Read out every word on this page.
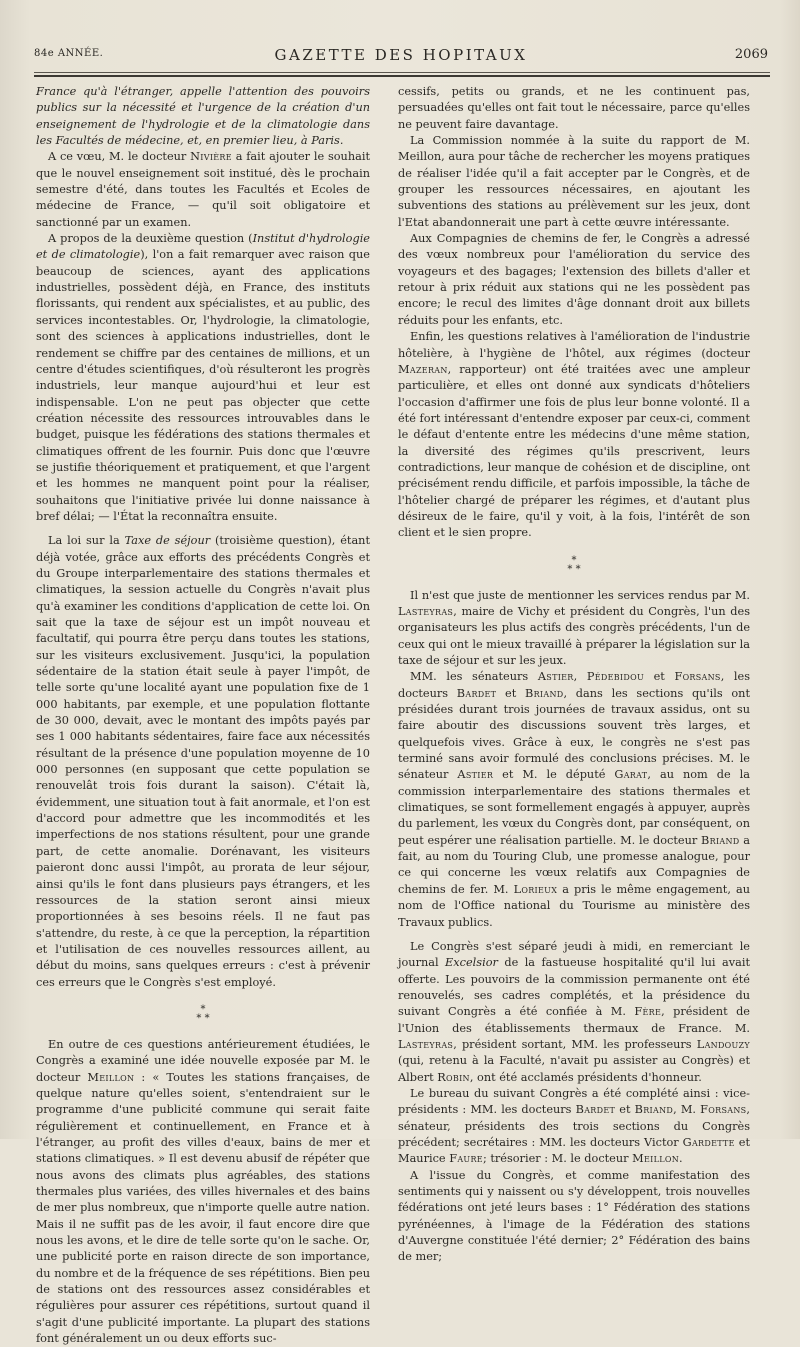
84e ANNÉE.	GAZETTE DES HOPITAUX	2069

France qu'à l'étranger, appelle l'attention des pouvoirs publics sur la nécessité et l'urgence de la création d'un enseignement de l'hydrologie et de la climatologie dans les Facultés de médecine, et, en premier lieu, à Paris.

A ce vœu, M. le docteur Nivière a fait ajouter le souhait que le nouvel enseignement soit institué, dès le prochain semestre d'été, dans toutes les Facultés et Ecoles de médecine de France, — qu'il soit obligatoire et sanctionné par un examen.

A propos de la deuxième question (Institut d'hydrologie et de climatologie), l'on a fait remarquer avec raison que beaucoup de sciences, ayant des applications industrielles, possèdent déjà, en France, des instituts florissants, qui rendent aux spécialistes, et au public, des services incontestables. Or, l'hydrologie, la climatologie, sont des sciences à applications industrielles, dont le rendement se chiffre par des centaines de millions, et un centre d'études scientifiques, d'où résulteront les progrès industriels, leur manque aujourd'hui et leur est indispensable. L'on ne peut pas objecter que cette création nécessite des ressources introuvables dans le budget, puisque les fédérations des stations thermales et climatiques offrent de les fournir. Puis donc que l'œuvre se justifie théoriquement et pratiquement, et que l'argent et les hommes ne manquent point pour la réaliser, souhaitons que l'initiative privée lui donne naissance à bref délai; — l'État la reconnaîtra ensuite.

La loi sur la Taxe de séjour (troisième question), étant déjà votée, grâce aux efforts des précédents Congrès et du Groupe interparlementaire des stations thermales et climatiques, la session actuelle du Congrès n'avait plus qu'à examiner les conditions d'application de cette loi. On sait que la taxe de séjour est un impôt nouveau et facultatif, qui pourra être perçu dans toutes les stations, sur les visiteurs exclusivement. Jusqu'ici, la population sédentaire de la station était seule à payer l'impôt, de telle sorte qu'une localité ayant une population fixe de 1 000 habitants, par exemple, et une population flottante de 30 000, devait, avec le montant des impôts payés par ses 1 000 habitants sédentaires, faire face aux nécessités résultant de la présence d'une population moyenne de 10 000 personnes (en supposant que cette population se renouvelât trois fois durant la saison). C'était là, évidemment, une situation tout à fait anormale, et l'on est d'accord pour admettre que les incommodités et les imperfections de nos stations résultent, pour une grande part, de cette anomalie. Dorénavant, les visiteurs paieront donc aussi l'impôt, au prorata de leur séjour, ainsi qu'ils le font dans plusieurs pays étrangers, et les ressources de la station seront ainsi mieux proportionnées à ses besoins réels. Il ne faut pas s'attendre, du reste, à ce que la perception, la répartition et l'utilisation de ces nouvelles ressources aillent, au début du moins, sans quelques erreurs : c'est à prévenir ces erreurs que le Congrès s'est employé.

*
* *

En outre de ces questions antérieurement étudiées, le Congrès a examiné une idée nouvelle exposée par M. le docteur Meillon : « Toutes les stations françaises, de quelque nature qu'elles soient, s'entendraient sur le programme d'une publicité commune qui serait faite régulièrement et continuellement, en France et à l'étranger, au profit des villes d'eaux, bains de mer et stations climatiques. » Il est devenu abusif de répéter que nous avons des climats plus agréables, des stations thermales plus variées, des villes hivernales et des bains de mer plus nombreux, que n'importe quelle autre nation. Mais il ne suffit pas de les avoir, il faut encore dire que nous les avons, et le dire de telle sorte qu'on le sache. Or, une publicité porte en raison directe de son importance, du nombre et de la fréquence de ses répétitions. Bien peu de stations ont des ressources assez considérables et régulières pour assurer ces répétitions, surtout quand il s'agit d'une publicité importante. La plupart des stations font généralement un ou deux efforts suc-

cessifs, petits ou grands, et ne les continuent pas, persuadées qu'elles ont fait tout le nécessaire, parce qu'elles ne peuvent faire davantage.

La Commission nommée à la suite du rapport de M. Meillon, aura pour tâche de rechercher les moyens pratiques de réaliser l'idée qu'il a fait accepter par le Congrès, et de grouper les ressources nécessaires, en ajoutant les subventions des stations au prélèvement sur les jeux, dont l'Etat abandonnerait une part à cette œuvre intéressante.

Aux Compagnies de chemins de fer, le Congrès a adressé des vœux nombreux pour l'amélioration du service des voyageurs et des bagages; l'extension des billets d'aller et retour à prix réduit aux stations qui ne les possèdent pas encore; le recul des limites d'âge donnant droit aux billets réduits pour les enfants, etc.

Enfin, les questions relatives à l'amélioration de l'industrie hôtelière, à l'hygiène de l'hôtel, aux régimes (docteur Mazeran, rapporteur) ont été traitées avec une ampleur particulière, et elles ont donné aux syndicats d'hôteliers l'occasion d'affirmer une fois de plus leur bonne volonté. Il a été fort intéressant d'entendre exposer par ceux-ci, comment le défaut d'entente entre les médecins d'une même station, la diversité des régimes qu'ils prescrivent, leurs contradictions, leur manque de cohésion et de discipline, ont précisément rendu difficile, et parfois impossible, la tâche de l'hôtelier chargé de préparer les régimes, et d'autant plus désireux de le faire, qu'il y voit, à la fois, l'intérêt de son client et le sien propre.

*
* *

Il n'est que juste de mentionner les services rendus par M. Lasteyras, maire de Vichy et président du Congrès, l'un des organisateurs les plus actifs des congrès précédents, l'un de ceux qui ont le mieux travaillé à préparer la législation sur la taxe de séjour et sur les jeux.

MM. les sénateurs Astier, Pédebidou et Forsans, les docteurs Bardet et Briand, dans les sections qu'ils ont présidées durant trois journées de travaux assidus, ont su faire aboutir des discussions souvent très larges, et quelquefois vives. Grâce à eux, le congrès ne s'est pas terminé sans avoir formulé des conclusions précises. M. le sénateur Astier et M. le député Garat, au nom de la commission interparlementaire des stations thermales et climatiques, se sont formellement engagés à appuyer, auprès du parlement, les vœux du Congrès dont, par conséquent, on peut espérer une réalisation partielle. M. le docteur Briand a fait, au nom du Touring Club, une promesse analogue, pour ce qui concerne les vœux relatifs aux Compagnies de chemins de fer. M. Lorieux a pris le même engagement, au nom de l'Office national du Tourisme au ministère des Travaux publics.

Le Congrès s'est séparé jeudi à midi, en remerciant le journal Excelsior de la fastueuse hospitalité qu'il lui avait offerte. Les pouvoirs de la commission permanente ont été renouvelés, ses cadres complétés, et la présidence du suivant Congrès a été confiée à M. Fère, président de l'Union des établissements thermaux de France. M. Lasteyras, président sortant, MM. les professeurs Landouzy (qui, retenu à la Faculté, n'avait pu assister au Congrès) et Albert Robin, ont été acclamés présidents d'honneur.

Le bureau du suivant Congrès a été complété ainsi : vice-présidents : MM. les docteurs Bardet et Briand, M. Forsans, sénateur, présidents des trois sections du Congrès précédent; secrétaires : MM. les docteurs Victor Gardette et Maurice Faure; trésorier : M. le docteur Meillon.

A l'issue du Congrès, et comme manifestation des sentiments qui y naissent ou s'y développent, trois nouvelles fédérations ont jeté leurs bases : 1° Fédération des stations pyrénéennes, à l'image de la Fédération des stations d'Auvergne constituée l'été dernier; 2° Fédération des bains de mer;
